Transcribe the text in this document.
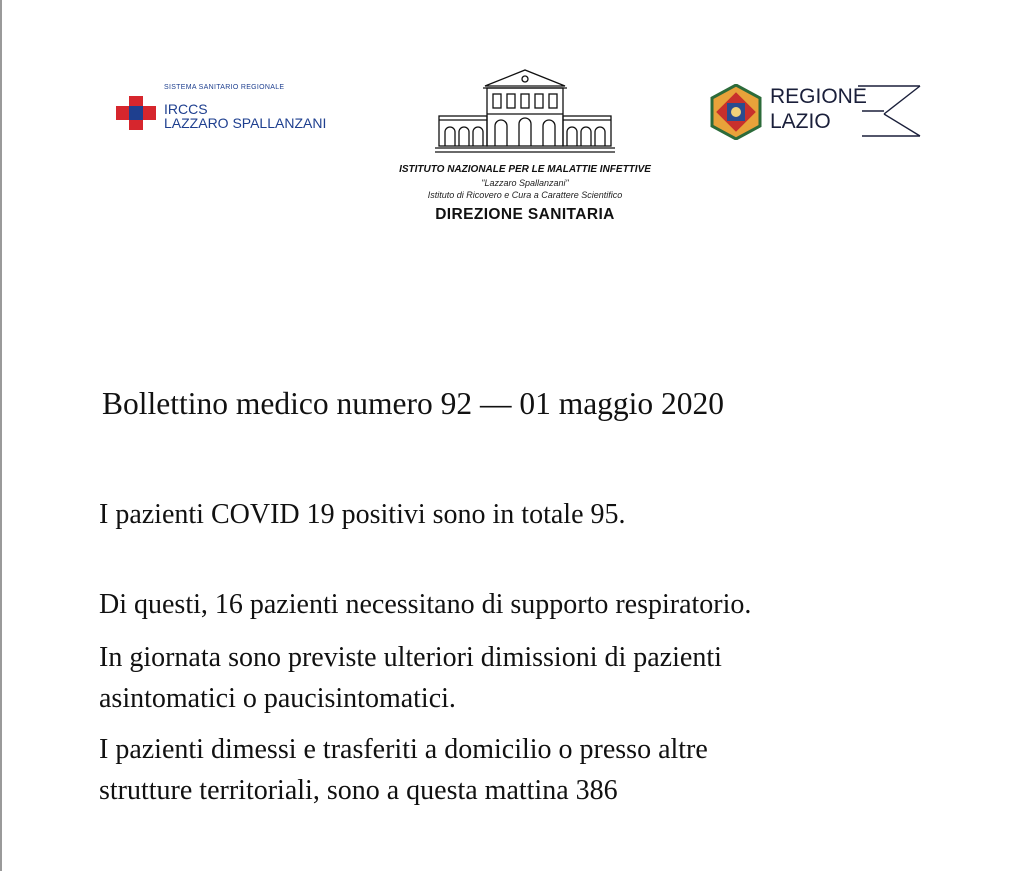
SISTEMA SANITARIO REGIONALE
IRCCS
LAZZARO SPALLANZANI
ISTITUTO NAZIONALE PER LE MALATTIE INFETTIVE
"Lazzaro Spallanzani"
Istituto di Ricovero e Cura a Carattere Scientifico
DIREZIONE SANITARIA
REGIONE
LAZIO
Bollettino medico numero 92 — 01 maggio 2020
I pazienti COVID 19 positivi sono in totale 95.
Di questi, 16 pazienti necessitano di supporto respiratorio.
In giornata sono previste ulteriori dimissioni di pazienti
asintomatici o paucisintomatici.
I pazienti dimessi e trasferiti a domicilio o presso altre
strutture territoriali, sono a questa mattina 386
